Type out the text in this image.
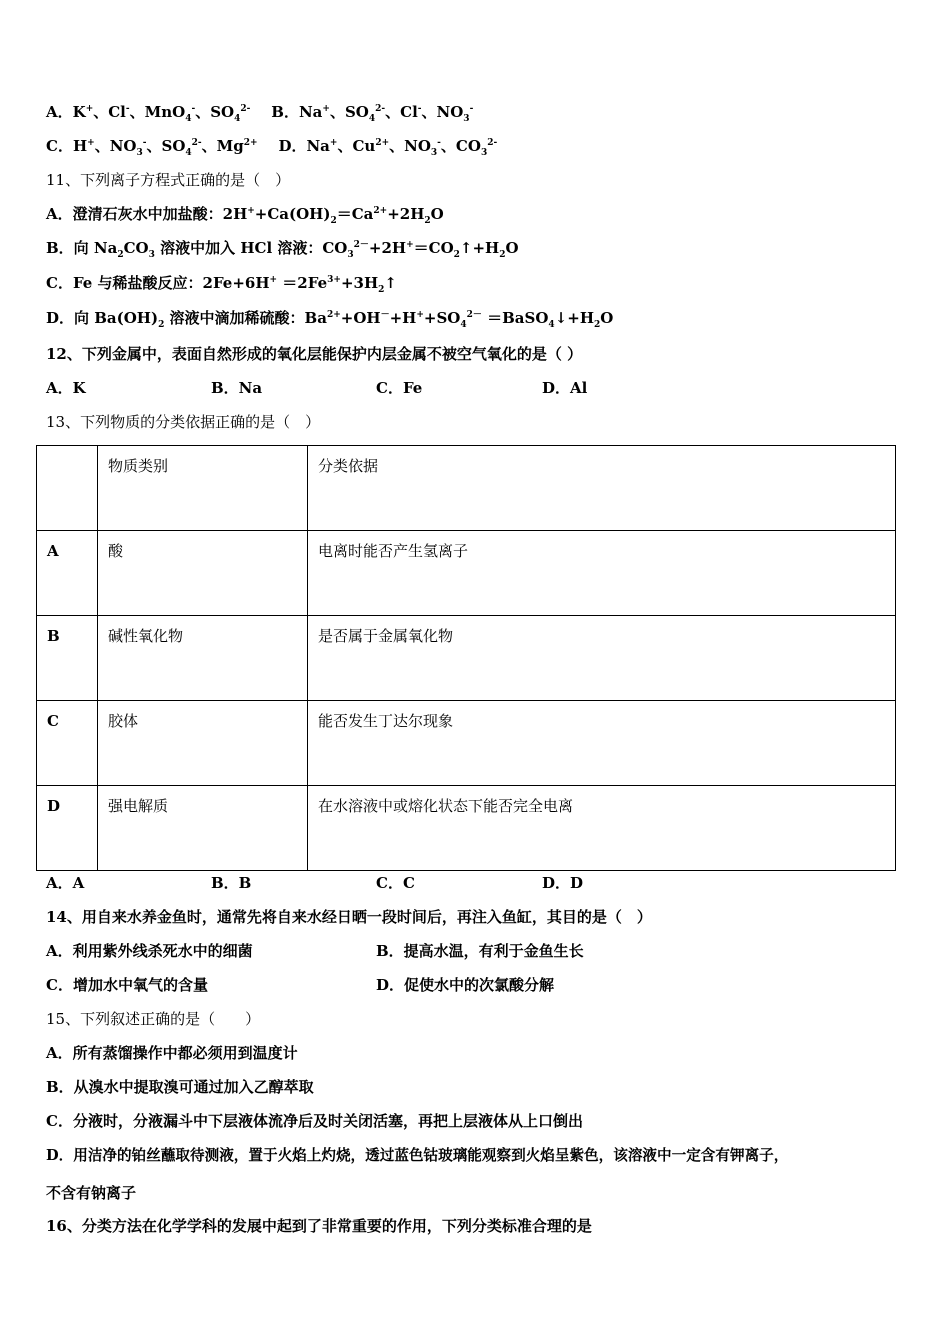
A．K+、Cl-、MnO$_4$-、$SO_4^{2-}$ B．Na+、$SO_4^{2-}$、Cl-、$NO_3^-$
C．H+、$NO_3^-$、$SO_4^{2-}$、$Mg^{2+}$ D．Na+、$Cu^{2+}$、$NO_3^-$、$CO_3^{2-}$
11、下列离子方程式正确的是（　）
A．澄清石灰水中加盐酸：$2H^++Ca(OH)_2=Ca^{2+}+2H_2O$
B．向 $Na_2CO_3$ 溶液中加入 HCl 溶液：$CO_3^{2-}+2H^+=CO_2↑+H_2O$
C．Fe 与稀盐酸反应：$2Fe+6H^+ =2Fe^{3+}+3H_2↑$
D．向 $Ba(OH)_2$ 溶液中滴加稀硫酸：$Ba^{2+}+OH^-+H^++SO_4^{2-}$ $=BaSO_4↓+H_2O$
12、下列金属中，表面自然形成的氧化层能保护内层金属不被空气氧化的是（ ）
A．K	B．Na	C．Fe	D．Al
13、下列物质的分类依据正确的是（　）
	物质类别	分类依据
A	酸	电离时能否产生氢离子
B	碱性氧化物	是否属于金属氧化物
C	胶体	能否发生丁达尔现象
D	强电解质	在水溶液中或熔化状态下能否完全电离
A．A	B．B	C．C	D．D
14、用自来水养金鱼时，通常先将自来水经日晒一段时间后，再注入鱼缸，其目的是（　）
A．利用紫外线杀死水中的细菌	B．提高水温，有利于金鱼生长
C．增加水中氧气的含量	D．促使水中的次氯酸分解
15、下列叙述正确的是（　　）
A．所有蒸馏操作中都必须用到温度计
B．从溴水中提取溴可通过加入乙醇萃取
C．分液时，分液漏斗中下层液体流净后及时关闭活塞，再把上层液体从上口倒出
D．用洁净的铂丝蘸取待测液，置于火焰上灼烧，透过蓝色钴玻璃能观察到火焰呈紫色，该溶液中一定含有钾离子，
不含有钠离子
16、分类方法在化学学科的发展中起到了非常重要的作用，下列分类标准合理的是
